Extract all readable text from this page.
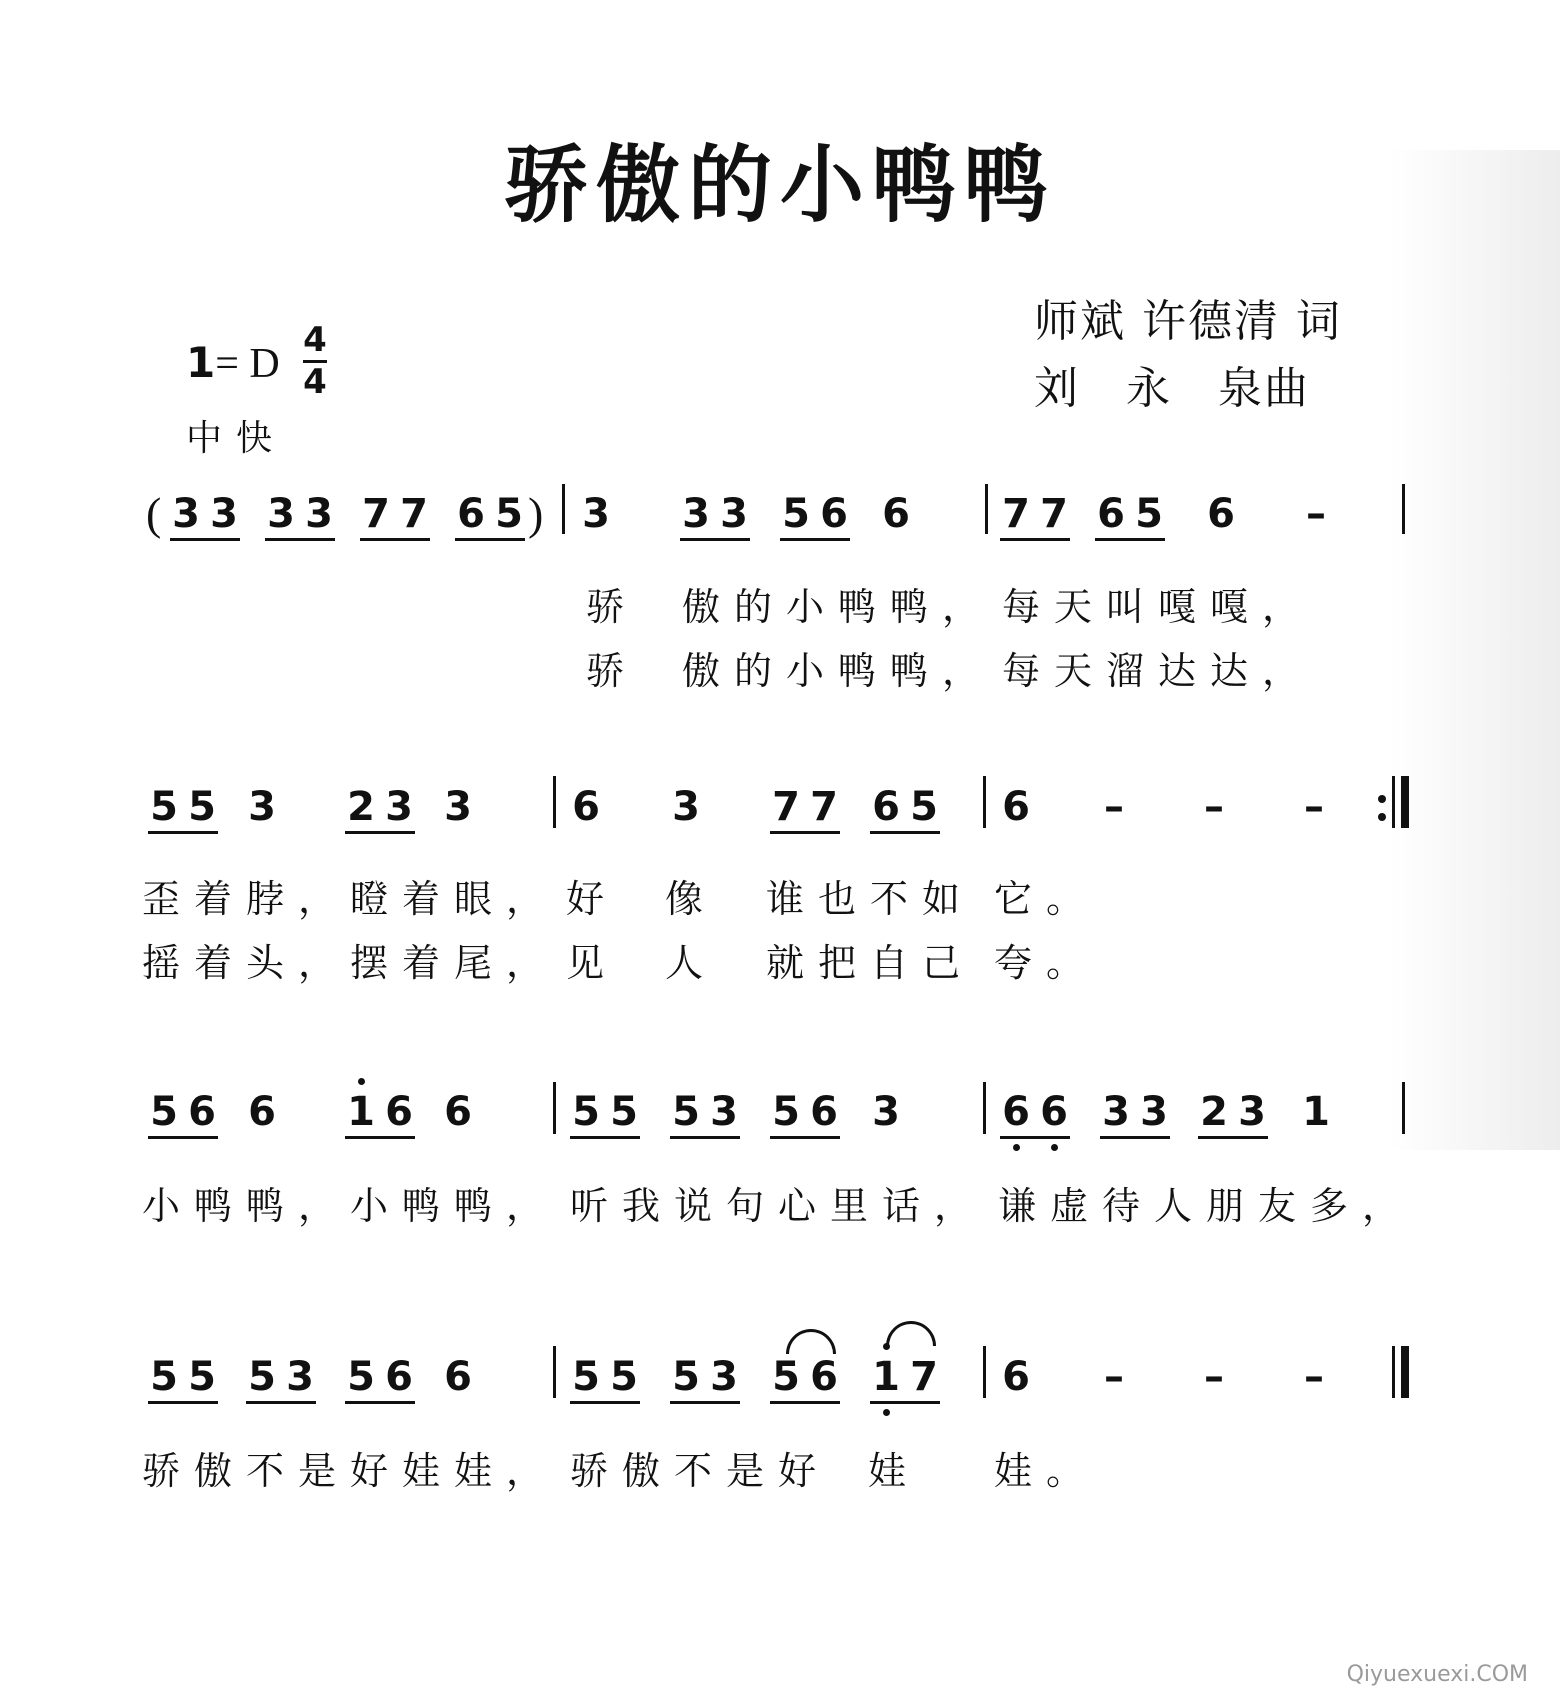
骄傲的小鸭鸭
师斌 许德清 词
刘　永　泉曲
1= D
4
4
中快
(	)
3 3 3 3 7 7 6 5 3 3 3 5 6 6 7 7 6 5 6 –
骄 傲的小鸭鸭， 每天叫嘎嘎，
骄 傲的小鸭鸭， 每天溜达达，
5 5 3 2 3 3	6 3 7 7 6 5 6 – – –
歪着脖，瞪着眼， 好 像 谁也不如 它。
摇着头，摆着尾， 见 人 就把自己 夸。
5 6 6 1 6 6	5 5 5 3 5 6 3	6 6 3 3 2 3 1
小鸭鸭，小鸭鸭， 听我说句心里话， 谦虚待人朋友多，
5 5 5 3 5 6 6	5 5 5 3 5 6 1 7 6 – – –
骄傲不是好娃娃， 骄傲不是好 娃 娃。
Qiyuexuexi.COM
